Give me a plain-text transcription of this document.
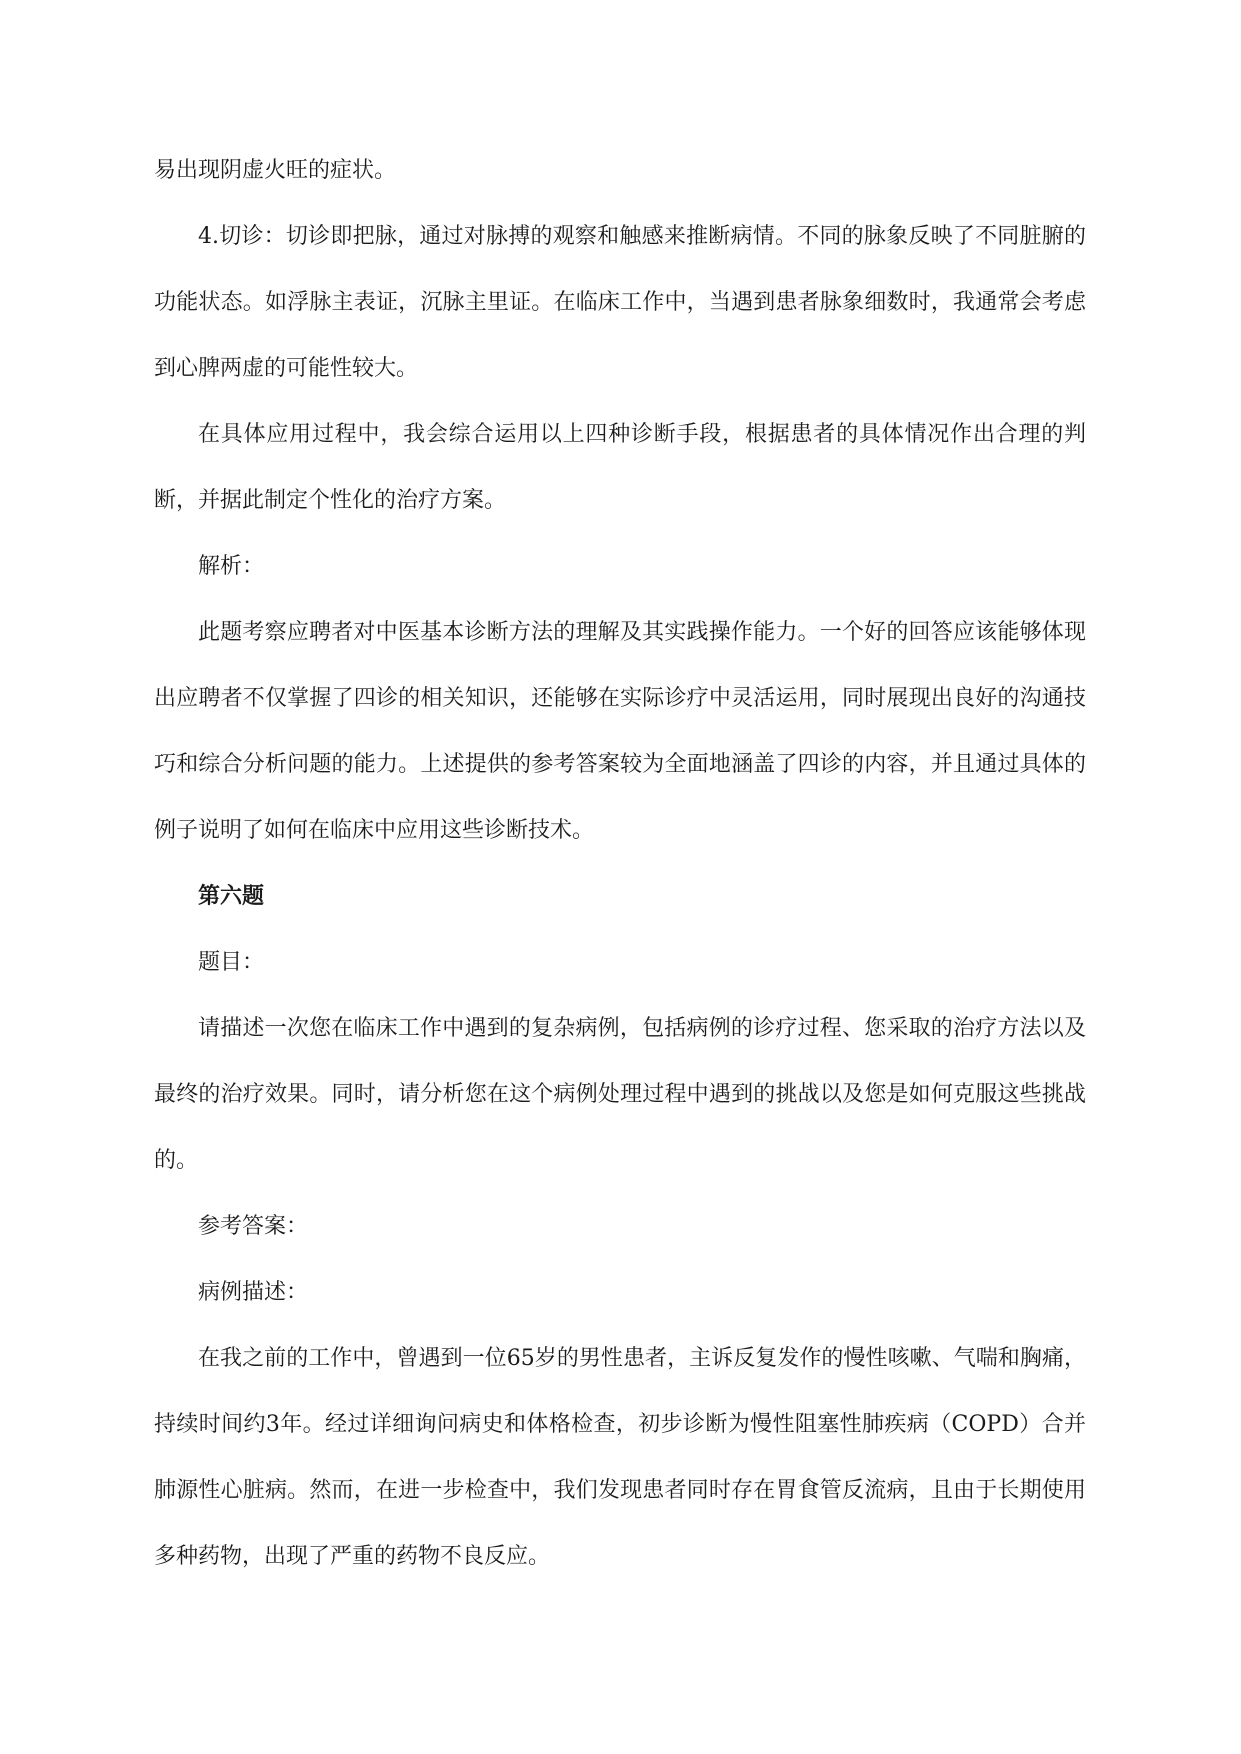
易出现阴虚火旺的症状。

4.切诊：切诊即把脉，通过对脉搏的观察和触感来推断病情。不同的脉象反映了不同脏腑的功能状态。如浮脉主表证，沉脉主里证。在临床工作中，当遇到患者脉象细数时，我通常会考虑到心脾两虚的可能性较大。

在具体应用过程中，我会综合运用以上四种诊断手段，根据患者的具体情况作出合理的判断，并据此制定个性化的治疗方案。

解析：

此题考察应聘者对中医基本诊断方法的理解及其实践操作能力。一个好的回答应该能够体现出应聘者不仅掌握了四诊的相关知识，还能够在实际诊疗中灵活运用，同时展现出良好的沟通技巧和综合分析问题的能力。上述提供的参考答案较为全面地涵盖了四诊的内容，并且通过具体的例子说明了如何在临床中应用这些诊断技术。

第六题

题目：

请描述一次您在临床工作中遇到的复杂病例，包括病例的诊疗过程、您采取的治疗方法以及最终的治疗效果。同时，请分析您在这个病例处理过程中遇到的挑战以及您是如何克服这些挑战的。

参考答案：

病例描述：

在我之前的工作中，曾遇到一位65岁的男性患者，主诉反复发作的慢性咳嗽、气喘和胸痛，持续时间约3年。经过详细询问病史和体格检查，初步诊断为慢性阻塞性肺疾病（COPD）合并肺源性心脏病。然而，在进一步检查中，我们发现患者同时存在胃食管反流病，且由于长期使用多种药物，出现了严重的药物不良反应。
